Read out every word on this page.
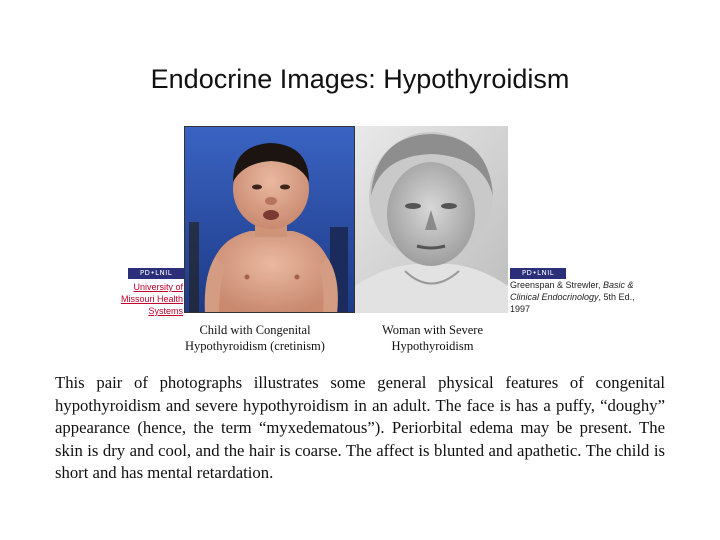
Endocrine Images: Hypothyroidism
PD•LNIL	PD•LNIL
University of Missouri Health Systems
Greenspan & Strewler, Basic & Clinical Endocrinology, 5th Ed., 1997
Child with Congenital Hypothyroidism (cretinism)
Woman with Severe Hypothyroidism
This pair of photographs illustrates some general physical features of congenital hypothyroidism and severe hypothyroidism in an adult. The face is has a puffy, “doughy” appearance (hence, the term “myxedematous”). Periorbital edema may be present. The skin is dry and cool, and the hair is coarse. The affect is blunted and apathetic. The child is short and has mental retardation.
